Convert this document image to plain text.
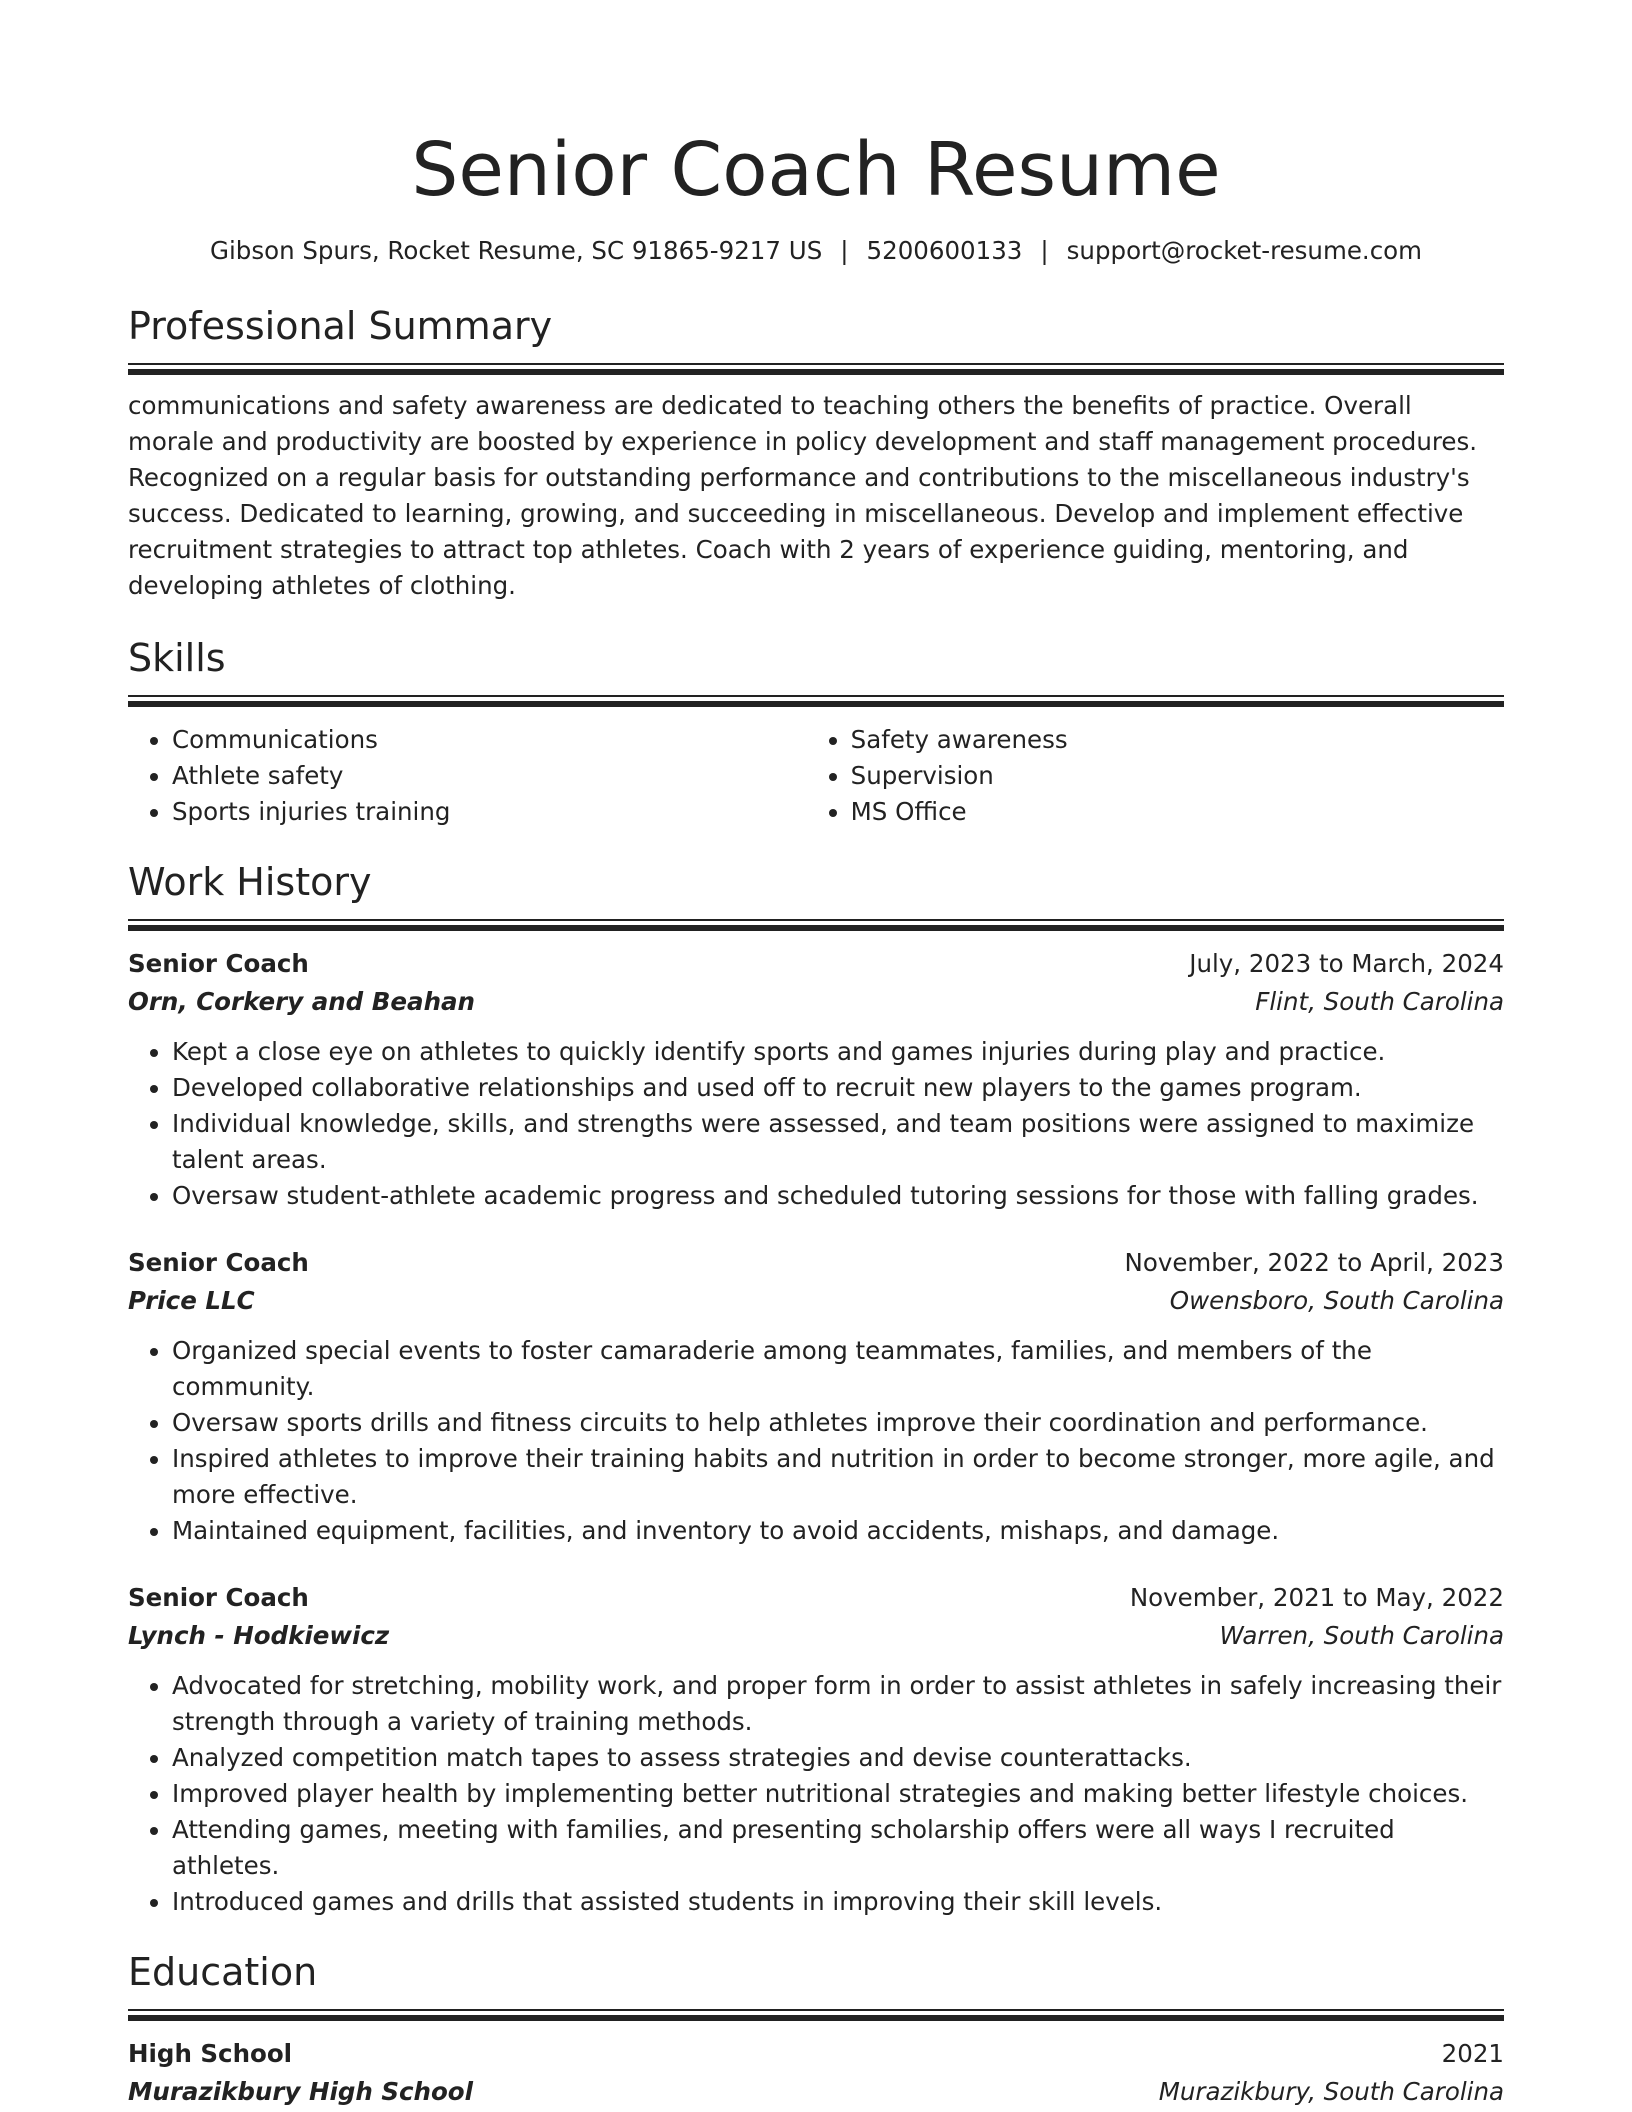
Senior Coach Resume
Gibson Spurs, Rocket Resume, SC 91865-9217 US | 5200600133 | support@rocket-resume.com
Professional Summary

communications and safety awareness are dedicated to teaching others the benefits of practice. Overall morale and productivity are boosted by experience in policy development and staff management procedures. Recognized on a regular basis for outstanding performance and contributions to the miscellaneous industry's success. Dedicated to learning, growing, and succeeding in miscellaneous. Develop and implement effective recruitment strategies to attract top athletes. Coach with 2 years of experience guiding, mentoring, and developing athletes of clothing.

Skills
• Communications
• Athlete safety
• Sports injuries training
• Safety awareness
• Supervision
• MS Office
Work History
Senior Coach	July, 2023 to March, 2024
Orn, Corkery and Beahan	Flint, South Carolina
• Kept a close eye on athletes to quickly identify sports and games injuries during play and practice.
• Developed collaborative relationships and used off to recruit new players to the games program.
• Individual knowledge, skills, and strengths were assessed, and team positions were assigned to maximize talent areas.
• Oversaw student-athlete academic progress and scheduled tutoring sessions for those with falling grades.
Senior Coach	November, 2022 to April, 2023
Price LLC	Owensboro, South Carolina
• Organized special events to foster camaraderie among teammates, families, and members of the community.
• Oversaw sports drills and fitness circuits to help athletes improve their coordination and performance.
• Inspired athletes to improve their training habits and nutrition in order to become stronger, more agile, and more effective.
• Maintained equipment, facilities, and inventory to avoid accidents, mishaps, and damage.
Senior Coach	November, 2021 to May, 2022
Lynch - Hodkiewicz	Warren, South Carolina
• Advocated for stretching, mobility work, and proper form in order to assist athletes in safely increasing their strength through a variety of training methods.
• Analyzed competition match tapes to assess strategies and devise counterattacks.
• Improved player health by implementing better nutritional strategies and making better lifestyle choices.
• Attending games, meeting with families, and presenting scholarship offers were all ways I recruited athletes.
• Introduced games and drills that assisted students in improving their skill levels.
Education
High School	2021
Murazikbury High School	Murazikbury, South Carolina
